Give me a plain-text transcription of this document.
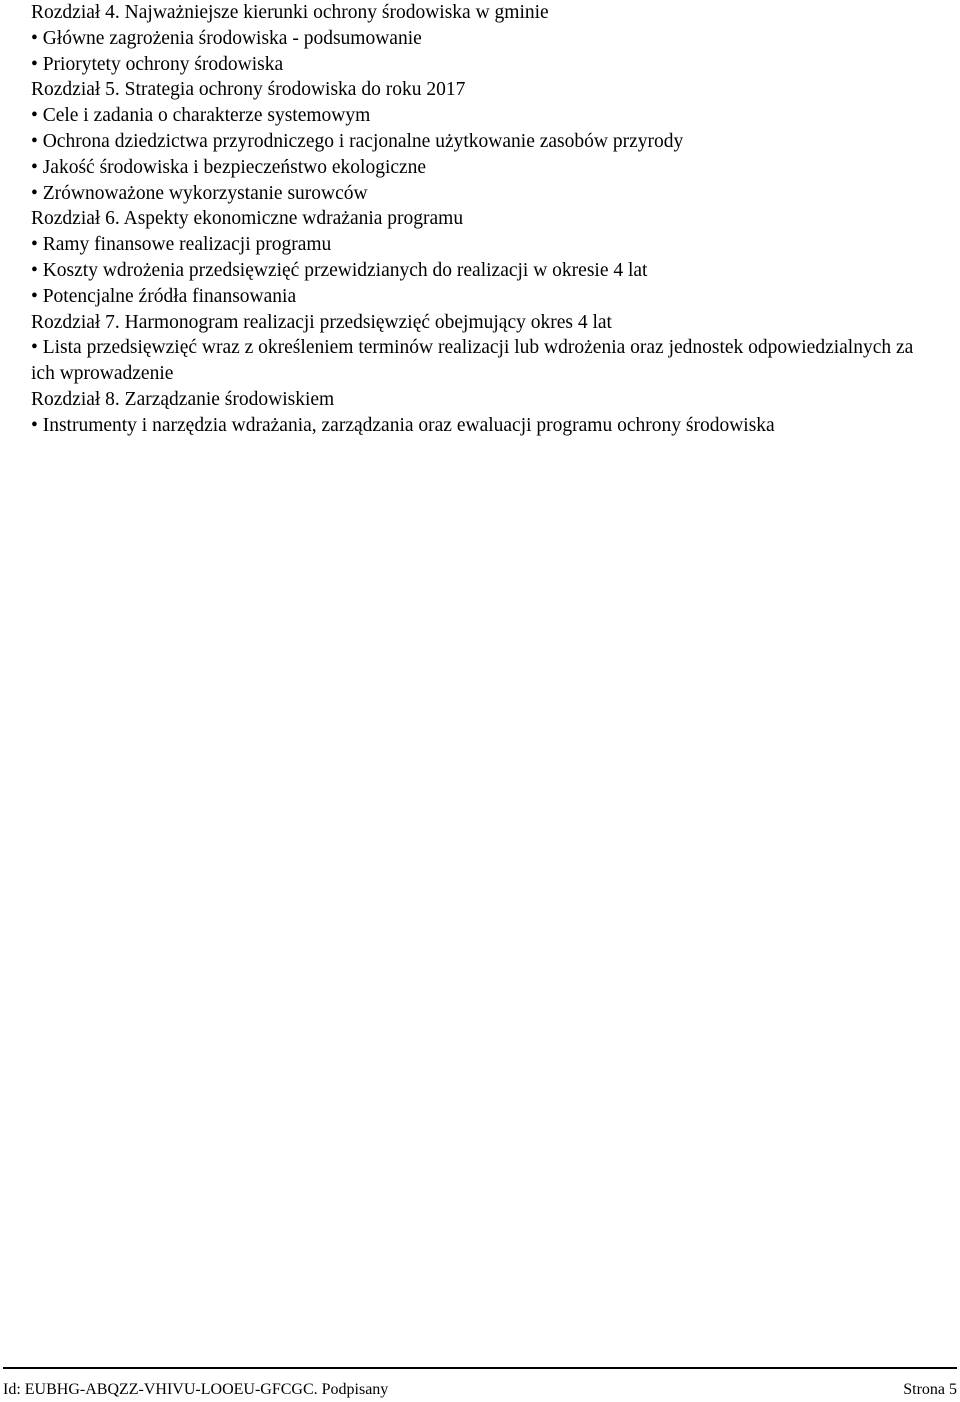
Rozdział 4. Najważniejsze kierunki ochrony środowiska w gminie

• Główne zagrożenia środowiska - podsumowanie

• Priorytety ochrony środowiska

Rozdział 5. Strategia ochrony środowiska do roku 2017

• Cele i zadania o charakterze systemowym

• Ochrona dziedzictwa przyrodniczego i racjonalne użytkowanie zasobów przyrody

• Jakość środowiska i bezpieczeństwo ekologiczne

• Zrównoważone wykorzystanie surowców

Rozdział 6. Aspekty ekonomiczne wdrażania programu

• Ramy finansowe realizacji programu

• Koszty wdrożenia przedsięwzięć przewidzianych do realizacji w okresie 4 lat

• Potencjalne źródła finansowania

Rozdział 7. Harmonogram realizacji przedsięwzięć obejmujący okres 4 lat

• Lista przedsięwzięć wraz z określeniem terminów realizacji lub wdrożenia oraz jednostek odpowiedzialnych za ich wprowadzenie

Rozdział 8. Zarządzanie środowiskiem

• Instrumenty i narzędzia wdrażania, zarządzania oraz ewaluacji programu ochrony środowiska

Id: EUBHG-ABQZZ-VHIVU-LOOEU-GFCGC. Podpisany	Strona 5
